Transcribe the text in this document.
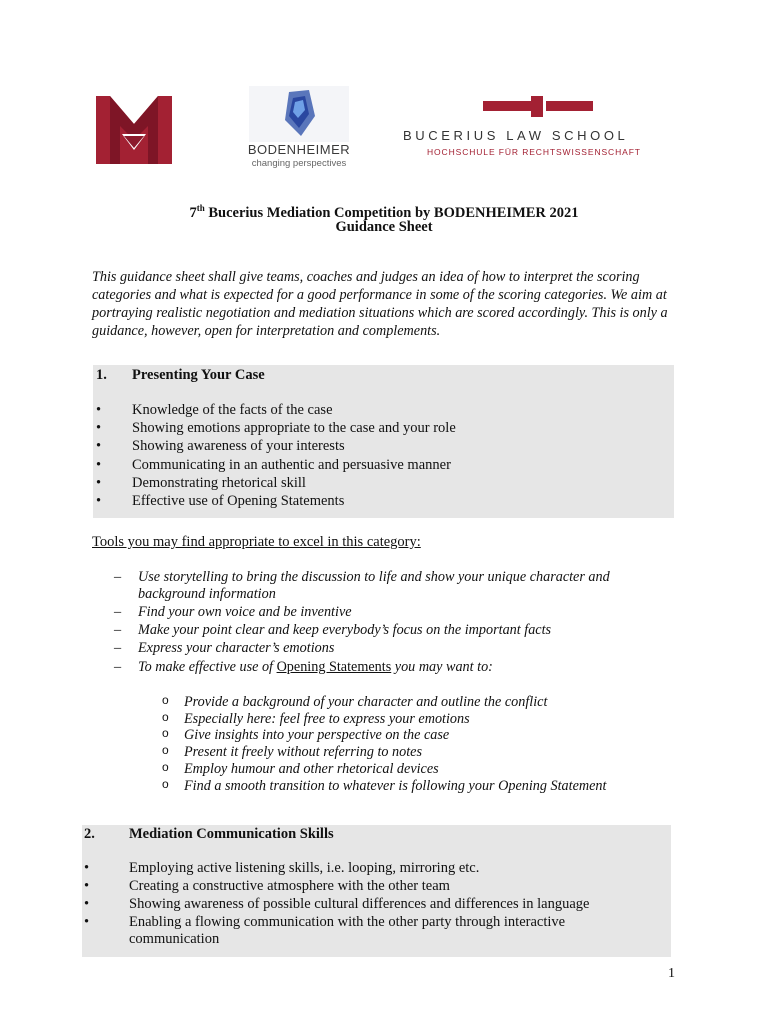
BODENHEIMER
changing perspectives
BUCERIUS LAW SCHOOL
HOCHSCHULE FÜR RECHTSWISSENSCHAFT
7th Bucerius Mediation Competition by BODENHEIMER 2021
Guidance Sheet
This guidance sheet shall give teams, coaches and judges an idea of how to interpret the scoring categories and what is expected for a good performance in some of the scoring categories. We aim at portraying realistic negotiation and mediation situations which are scored accordingly. This is only a guidance, however, open for interpretation and complements.
1. Presenting Your Case
• Knowledge of the facts of the case
• Showing emotions appropriate to the case and your role
• Showing awareness of your interests
• Communicating in an authentic and persuasive manner
• Demonstrating rhetorical skill
• Effective use of Opening Statements
Tools you may find appropriate to excel in this category:
– Use storytelling to bring the discussion to life and show your unique character and background information
– Find your own voice and be inventive
– Make your point clear and keep everybody’s focus on the important facts
– Express your character’s emotions
– To make effective use of Opening Statements you may want to:
o Provide a background of your character and outline the conflict
o Especially here: feel free to express your emotions
o Give insights into your perspective on the case
o Present it freely without referring to notes
o Employ humour and other rhetorical devices
o Find a smooth transition to whatever is following your Opening Statement
2. Mediation Communication Skills
•	Employing active listening skills, i.e. looping, mirroring etc.
•	Creating a constructive atmosphere with the other team
•	Showing awareness of possible cultural differences and differences in language
•	Enabling a flowing communication with the other party through interactive communication
1
